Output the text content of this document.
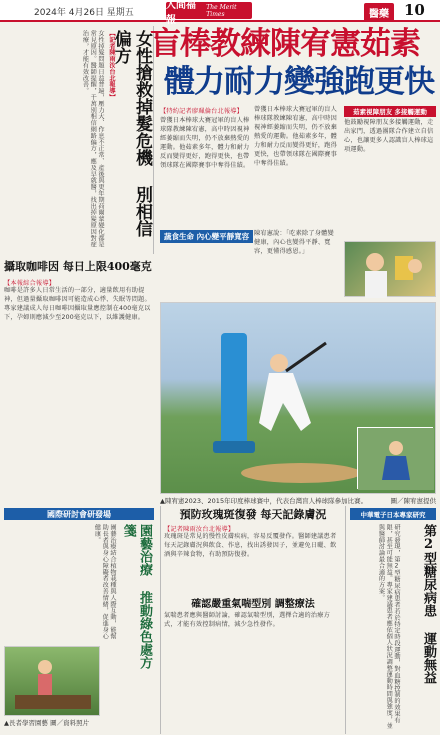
2024年 4月26日 星期五
人間福報
The Merit Times	醫藥	10
女性搶救掉髮危機 別相信偏方
【記者陳雨汝台北報導】
女性掉髮問題日益普遍，壓力大、作息不正常、產後與更年期荷爾蒙變化都是常見原因。醫師提醒，千萬別相信網路偏方，應及早就醫，找出掉髮原因對症治療，才能有效改善。
攝取咖啡因 每日上限400毫克
【本報綜合報導】
咖啡是許多人日常生活的一部分，適量飲用有助提神，但過量攝取咖啡因可能造成心悸、失眠等問題。專家建議成人每日咖啡因攝取量應控制在400毫克以下，孕婦則應減少至200毫克以下，以維護健康。
盲棒教練陳宥憲茹素
體力耐力變強跑更快
【特約記者廖珮倫台北報導】
曾獲日本棒球大賽冠軍的盲人棒球隊教練陳宥憲，高中時因視神經萎縮而失明，仍不放棄熱愛的運動。他茹素多年，體力和耐力反而變得更好，跑得更快，也帶領球隊在國際賽事中奪得佳績。
曾獲日本棒球大賽冠軍的盲人棒球隊教練陳宥憲，高中時因視神經萎縮而失明，仍不放棄熱愛的運動。他茹素多年，體力和耐力反而變得更好，跑得更快，也帶領球隊在國際賽事中奪得佳績。
茹素視障朋友 多接觸運動
他鼓勵視障朋友多接觸運動，走出家門，透過團隊合作建立自信心，也讓更多人認識盲人棒球這項運動。
蔬食生命 內心變平靜寬容 陳宥憲說：「吃素除了身體變健康，內心也變得平靜、寬容，更懂得感恩。」
▲陳宥憲2023、2015年印度棒球賽中，代表台灣盲人棒球隊參加比賽。	圖／陳宥憲提供
國際研討會研發場
園藝治療 推動綠色處方箋
園藝治療結合植物栽種與人際互動，能幫助長者與身心障礙者改善情緒，促進身心健康。
▲長者學習園藝 圖／資料照片
預防玫瑰斑復發 每天記錄膚況
【記者陳雨汝台北報導】
玫瑰斑是常見的慢性皮膚疾病，容易反覆發作。醫師建議患者每天記錄膚況與飲食、作息，找出誘發因子，並避免日曬、飲酒與辛辣食物，有助預防復發。
確認嚴重氣喘型別 調整療法
氣喘患者應與醫師討論，確認氣喘型別，選擇合適的治療方式，才能有效控制病情，減少急性發作。
中華電子日本專家研究
第2型糖尿病患 運動無益
研究發現，第2型糖尿病患者若於特定時段運動，對血糖控制的效果有限，甚至可能無益。專家建議患者應依個人狀況調整運動時間與強度，並與醫師討論最合適的方案。
